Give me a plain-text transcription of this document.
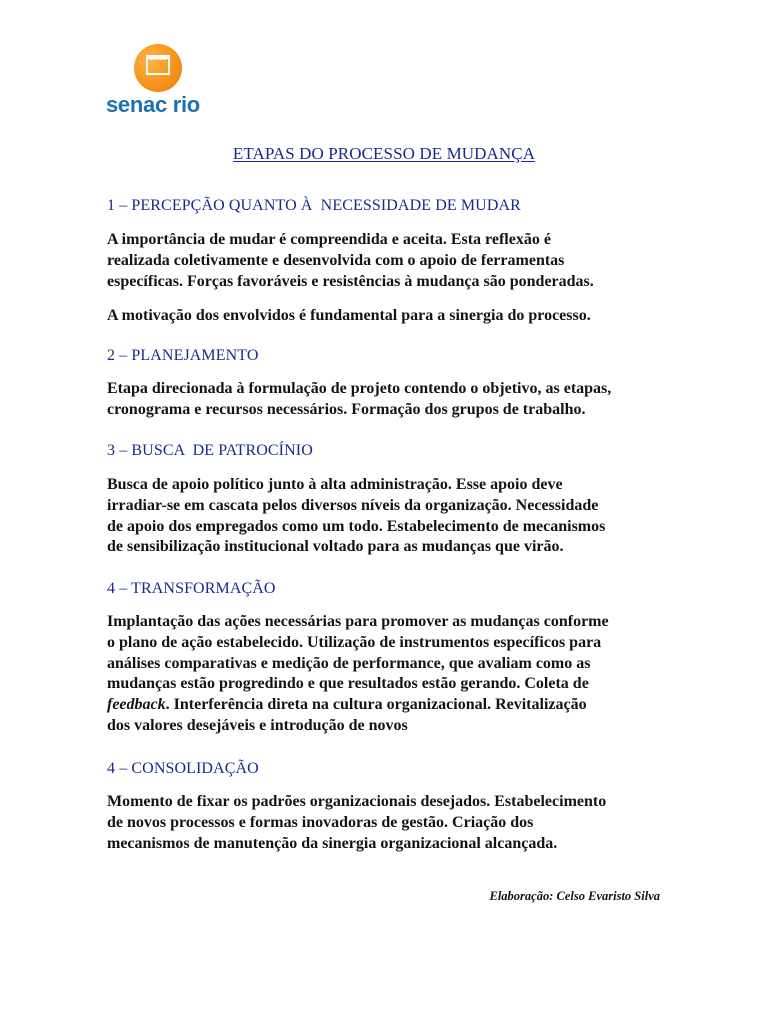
senac
senac rio
ETAPAS DO PROCESSO DE MUDANÇA
1 – PERCEPÇÃO QUANTO À  NECESSIDADE DE MUDAR
A importância de mudar é compreendida e aceita. Esta reflexão é
realizada coletivamente e desenvolvida com o apoio de ferramentas
específicas. Forças favoráveis e resistências à mudança são ponderadas.
A motivação dos envolvidos é fundamental para a sinergia do processo.
2 – PLANEJAMENTO
Etapa direcionada à formulação de projeto contendo o objetivo, as etapas,
cronograma e recursos necessários. Formação dos grupos de trabalho.
3 – BUSCA  DE PATROCÍNIO
Busca de apoio político junto à alta administração. Esse apoio deve
irradiar-se em cascata pelos diversos níveis da organização. Necessidade
de apoio dos empregados como um todo. Estabelecimento de mecanismos
de sensibilização institucional voltado para as mudanças que virão.
4 – TRANSFORMAÇÃO
Implantação das ações necessárias para promover as mudanças conforme
o plano de ação estabelecido. Utilização de instrumentos específicos para
análises comparativas e medição de performance, que avaliam como as
mudanças estão progredindo e que resultados estão gerando. Coleta de
feedback. Interferência direta na cultura organizacional. Revitalização
dos valores desejáveis e introdução de novos
4 – CONSOLIDAÇÃO
Momento de fixar os padrões organizacionais desejados. Estabelecimento
de novos processos e formas inovadoras de gestão. Criação dos
mecanismos de manutenção da sinergia organizacional alcançada.
Elaboração: Celso Evaristo Silva
